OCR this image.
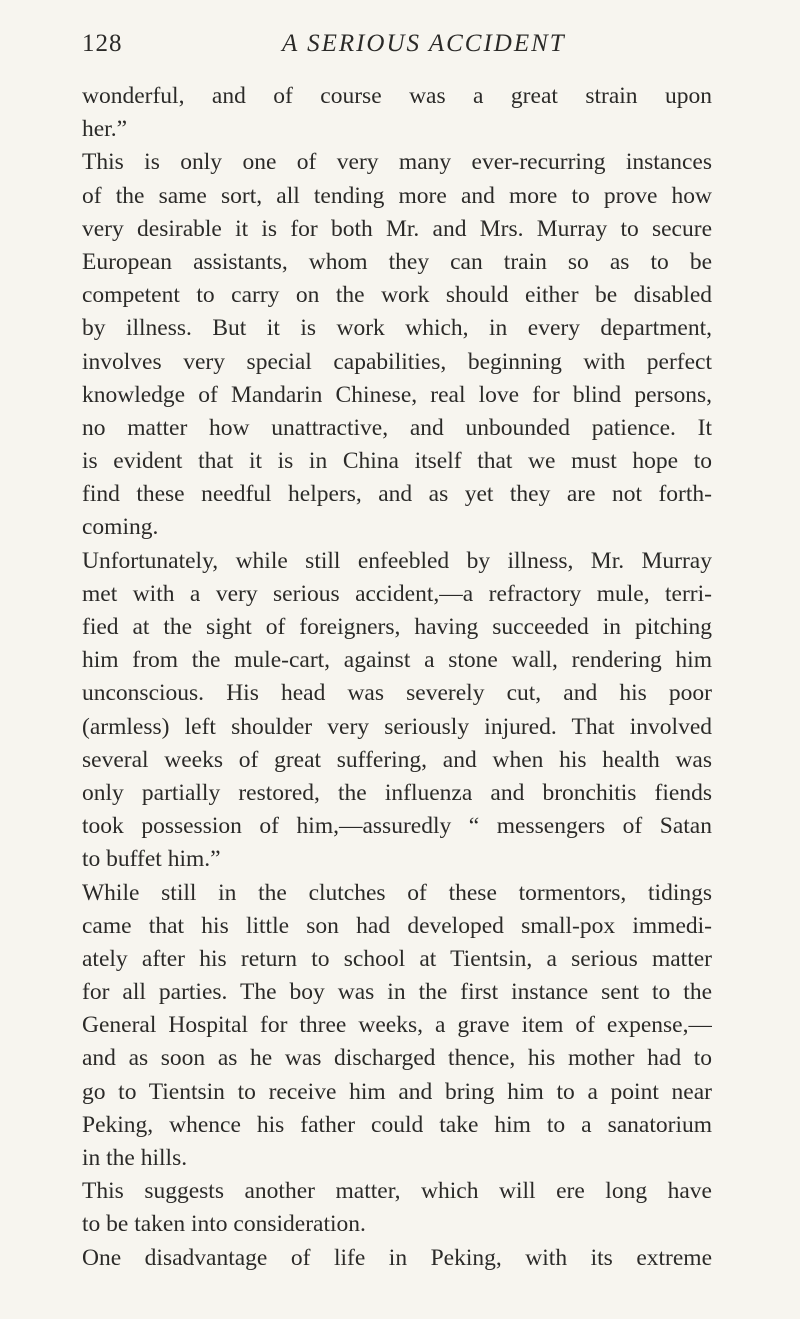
128	A SERIOUS ACCIDENT
wonderful, and of course was a great strain upon
her.”
This is only one of very many ever-recurring instances
of the same sort, all tending more and more to prove how
very desirable it is for both Mr. and Mrs. Murray to secure
European assistants, whom they can train so as to be
competent to carry on the work should either be disabled
by illness. But it is work which, in every department,
involves very special capabilities, beginning with perfect
knowledge of Mandarin Chinese, real love for blind persons,
no matter how unattractive, and unbounded patience. It
is evident that it is in China itself that we must hope to
find these needful helpers, and as yet they are not forth-
coming.
Unfortunately, while still enfeebled by illness, Mr. Murray
met with a very serious accident,—a refractory mule, terri-
fied at the sight of foreigners, having succeeded in pitching
him from the mule-cart, against a stone wall, rendering him
unconscious. His head was severely cut, and his poor
(armless) left shoulder very seriously injured. That involved
several weeks of great suffering, and when his health was
only partially restored, the influenza and bronchitis fiends
took possession of him,—assuredly “ messengers of Satan
to buffet him.”
While still in the clutches of these tormentors, tidings
came that his little son had developed small-pox immedi-
ately after his return to school at Tientsin, a serious matter
for all parties. The boy was in the first instance sent to the
General Hospital for three weeks, a grave item of expense,—
and as soon as he was discharged thence, his mother had to
go to Tientsin to receive him and bring him to a point near
Peking, whence his father could take him to a sanatorium
in the hills.
This suggests another matter, which will ere long have
to be taken into consideration.
One disadvantage of life in Peking, with its extreme
